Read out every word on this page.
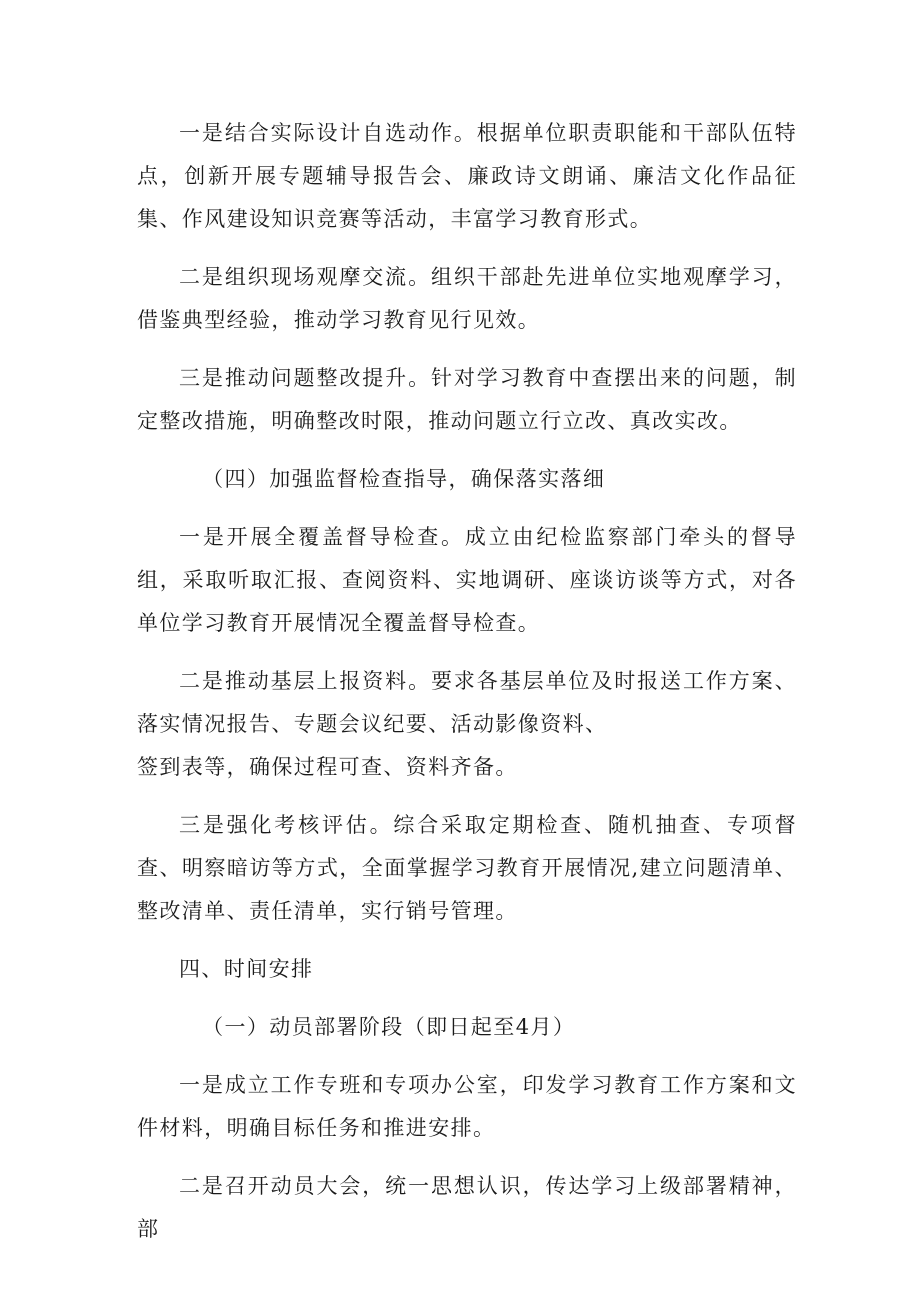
一是结合实际设计自选动作。根据单位职责职能和干部队伍特点，创新开展专题辅导报告会、廉政诗文朗诵、廉洁文化作品征集、作风建设知识竞赛等活动，丰富学习教育形式。

二是组织现场观摩交流。组织干部赴先进单位实地观摩学习，借鉴典型经验，推动学习教育见行见效。

三是推动问题整改提升。针对学习教育中查摆出来的问题，制定整改措施，明确整改时限，推动问题立行立改、真改实改。

（四）加强监督检查指导，确保落实落细

一是开展全覆盖督导检查。成立由纪检监察部门牵头的督导组，采取听取汇报、查阅资料、实地调研、座谈访谈等方式，对各单位学习教育开展情况全覆盖督导检查。

二是推动基层上报资料。要求各基层单位及时报送工作方案、落实情况报告、专题会议纪要、活动影像资料、
签到表等，确保过程可查、资料齐备。

三是强化考核评估。综合采取定期检查、随机抽查、专项督查、明察暗访等方式，全面掌握学习教育开展情况,建立问题清单、整改清单、责任清单，实行销号管理。

四、时间安排

（一）动员部署阶段（即日起至4月）

一是成立工作专班和专项办公室，印发学习教育工作方案和文件材料，明确目标任务和推进安排。

二是召开动员大会，统一思想认识，传达学习上级部署精神，部
